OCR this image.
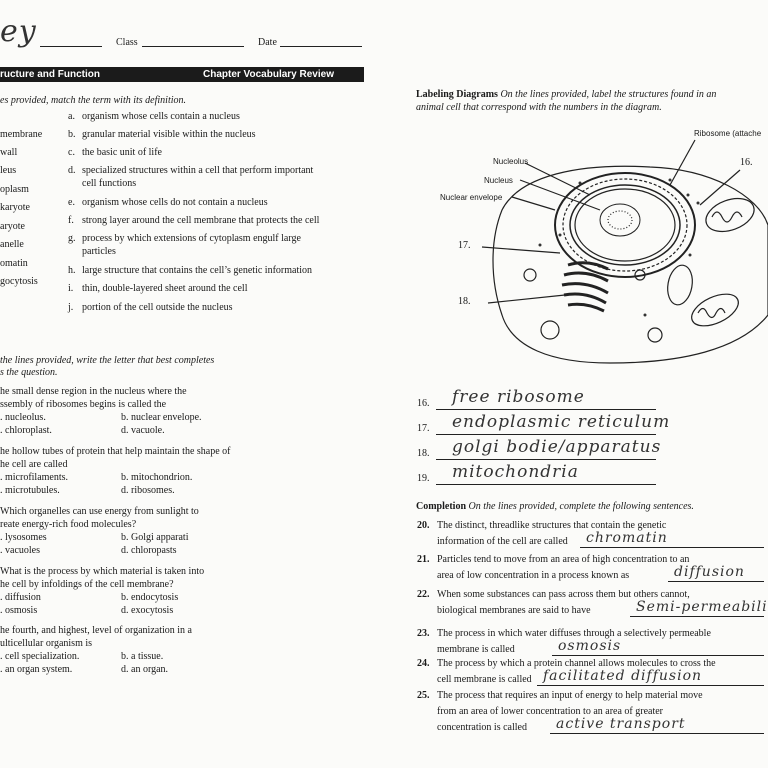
ey	Class	Date
ructure and Function	Chapter Vocabulary Review
es provided, match the term with its definition.
membrane
wall
leus
oplasm
karyote
aryote
anelle
omatin
gocytosis
a. organism whose cells contain a nucleus
b. granular material visible within the nucleus
c. the basic unit of life
d. specialized structures within a cell that perform important
cell functions
e. organism whose cells do not contain a nucleus
f. strong layer around the cell membrane that protects the cell
g. process by which extensions of cytoplasm engulf large
particles
h. large structure that contains the cell’s genetic information
i. thin, double-layered sheet around the cell
j. portion of the cell outside the nucleus
the lines provided, write the letter that best completes
s the question.
he small dense region in the nucleus where the
ssembly of ribosomes begins is called the
. nucleolus.	b. nuclear envelope.
. chloroplast.	d. vacuole.
he hollow tubes of protein that help maintain the shape of
he cell are called
. microfilaments.	b. mitochondrion.
. microtubules.	d. ribosomes.
Which organelles can use energy from sunlight to
reate energy-rich food molecules?
. lysosomes	b. Golgi apparati
. vacuoles	d. chloropasts
What is the process by which material is taken into
he cell by infoldings of the cell membrane?
. diffusion	b. endocytosis
. osmosis	d. exocytosis
he fourth, and highest, level of organization in a
ulticellular organism is
. cell specialization.	b. a tissue.
. an organ system.	d. an organ.
Labeling Diagrams On the lines provided, label the structures found in an
animal cell that correspond with the numbers in the diagram.
Ribosome (attache
Nucleolus
Nucleus
Nuclear envelope
16.
17.
18.
16. free ribosome
17. endoplasmic reticulum
18. golgi bodie/apparatus
19. mitochondria
Completion On the lines provided, complete the following sentences.
20. The distinct, threadlike structures that contain the genetic
information of the cell are called chromatin
21. Particles tend to move from an area of high concentration to an
area of low concentration in a process known as	diffusion
22. When some substances can pass across them but others cannot,
biological membranes are said to have	Semi-permeabili
23. The process in which water diffuses through a selectively permeable
membrane is called	osmosis
24. The process by which a protein channel allows molecules to cross the
cell membrane is called facilitated diffusion
25. The process that requires an input of energy to help material move
from an area of lower concentration to an area of greater
concentration is called active transport
